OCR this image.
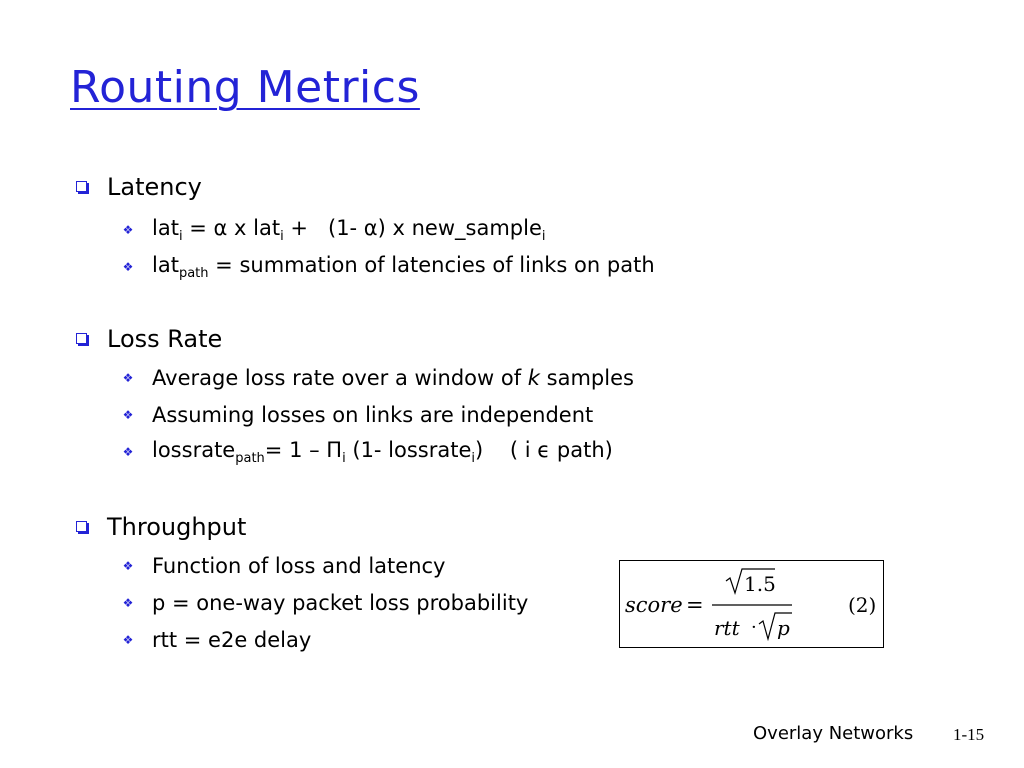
Routing Metrics
Latency
❖ lat$_i$ = α x lat$_i$ +   (1- α) x new_sample$_i$
❖ lat$_{path}$ = summation of latencies of links on path
Loss Rate
❖ Average loss rate over a window of k samples
❖ Assuming losses on links are independent
❖ lossrate$_{path}$= $1 - \Pi_i$ (1- lossrate$_i$)    ( i ϵ path)
Throughput
❖ Function of loss and latency
❖ p = one-way packet loss probability
❖ rtt = e2e delay
score =
1.5
rtt · p
(2)
Overlay Networks 1-15
